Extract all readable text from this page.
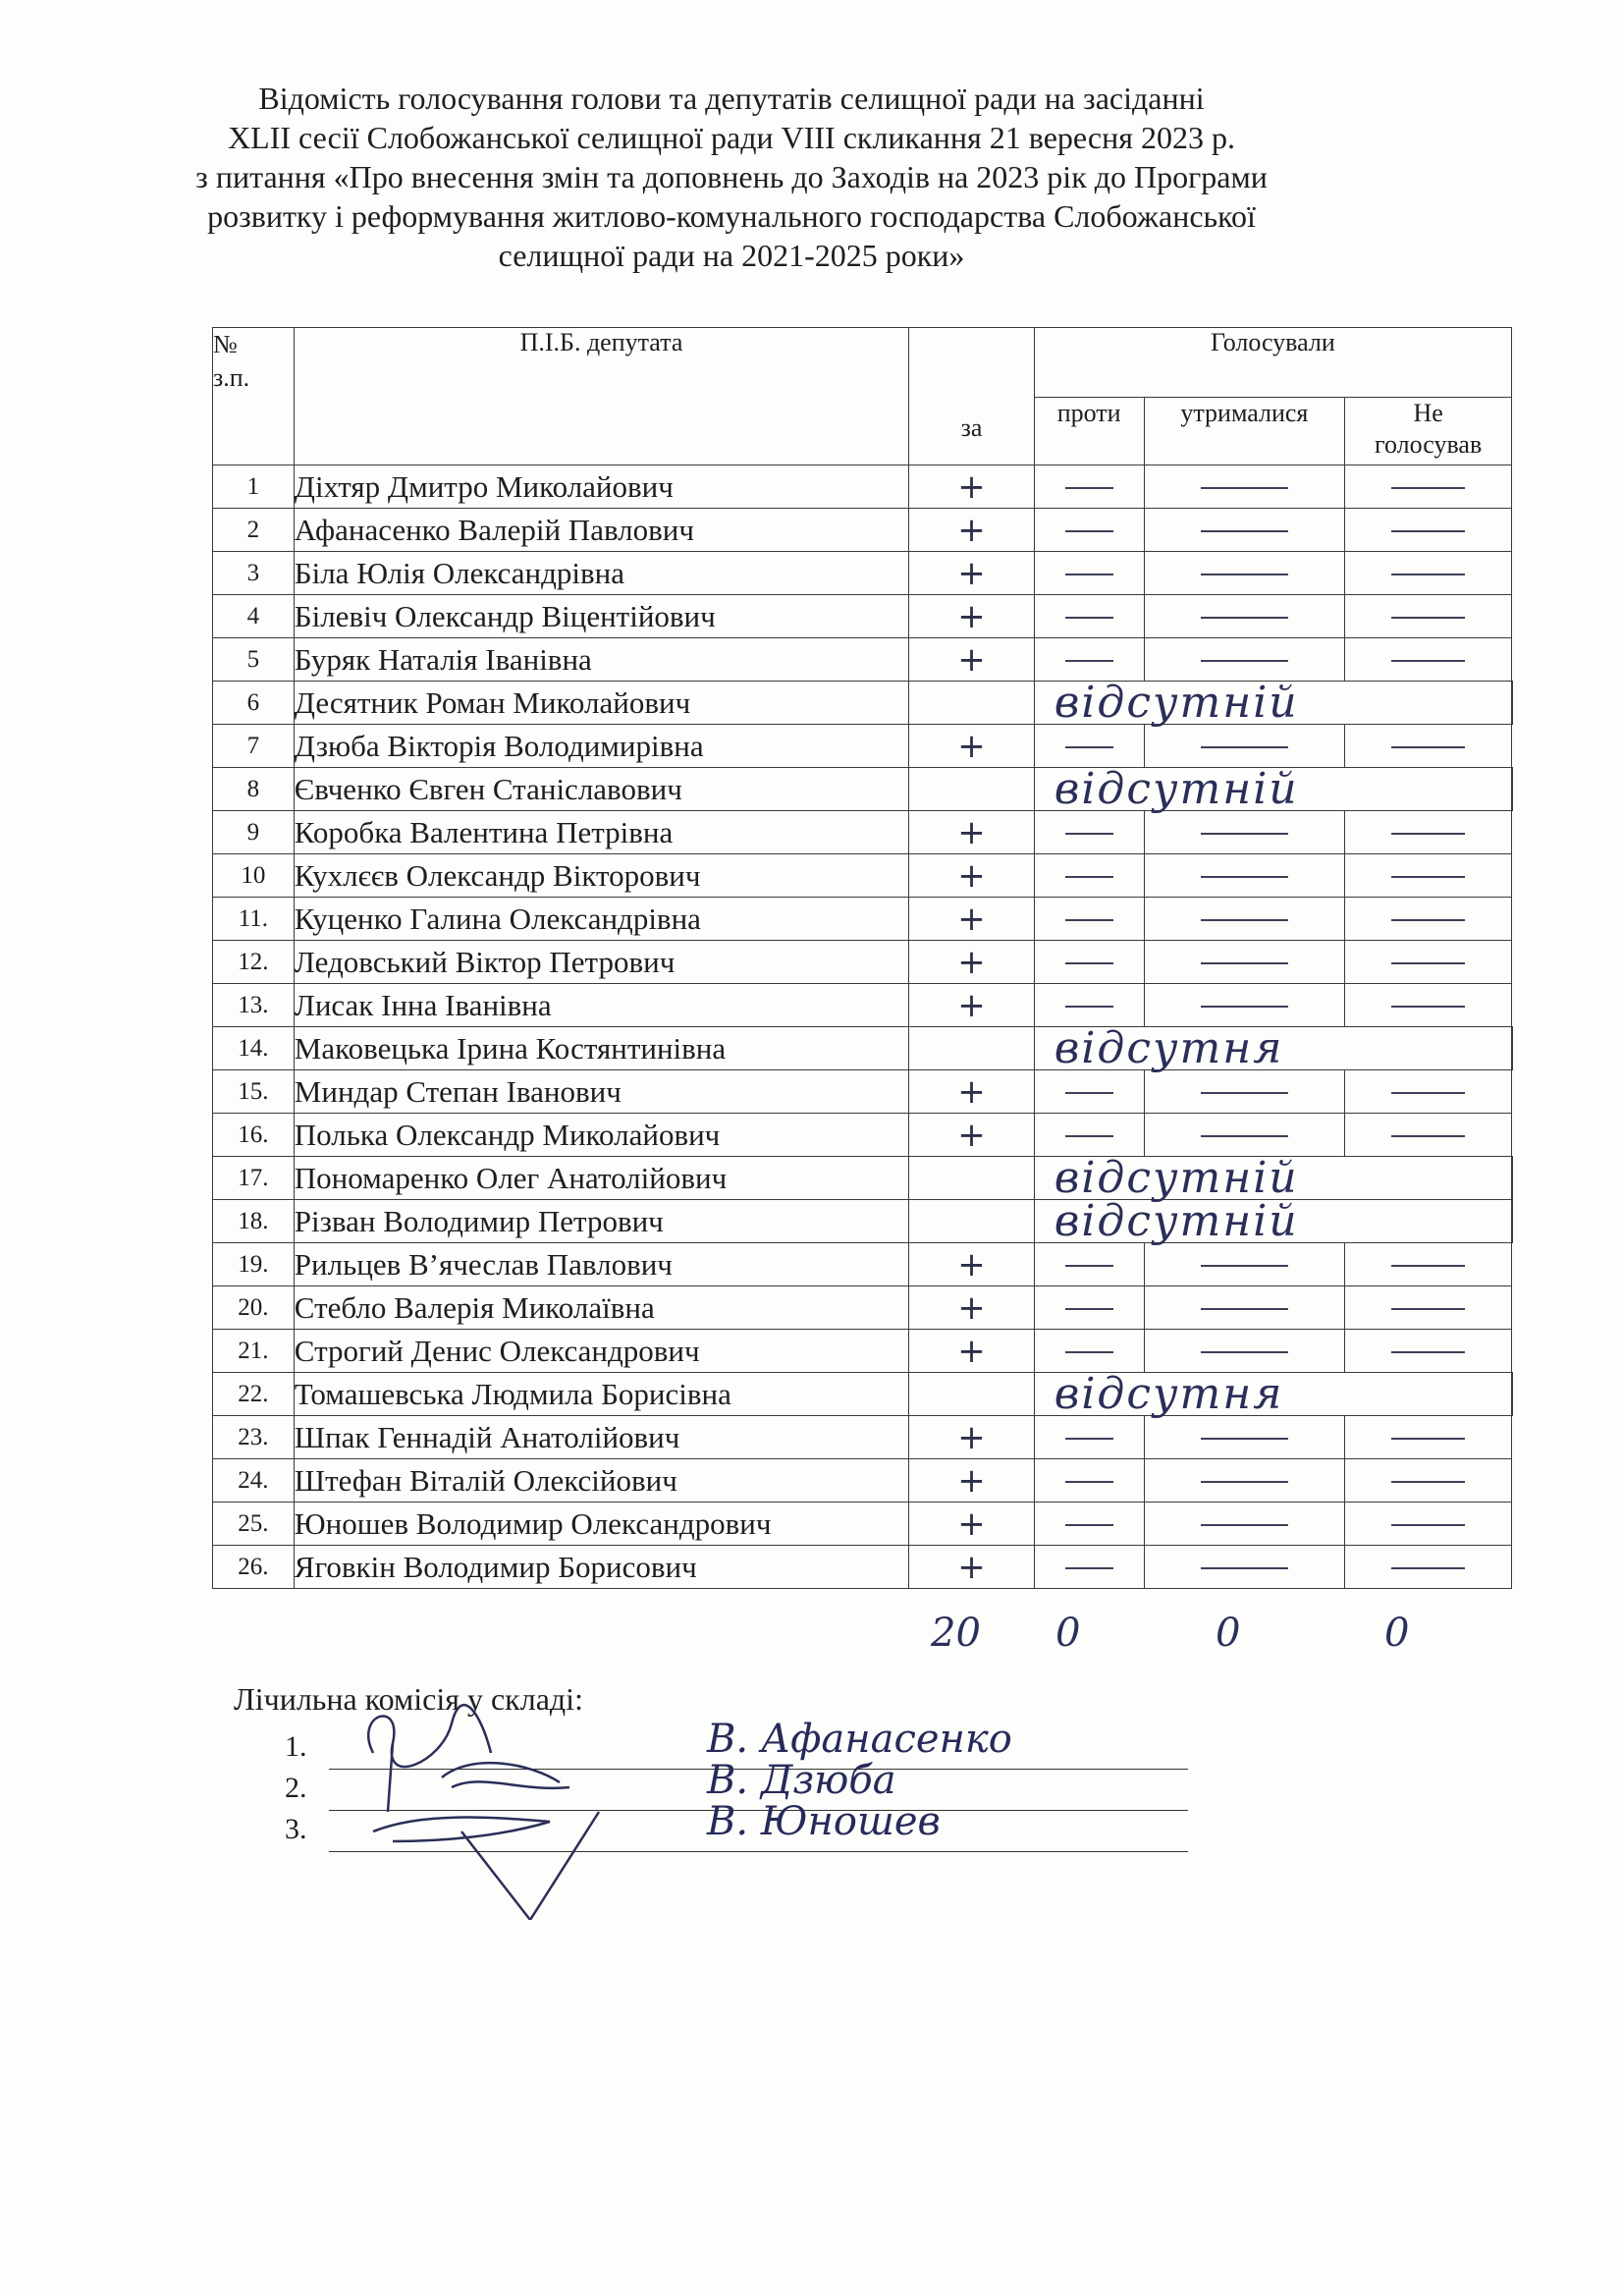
Відомість голосування голови та депутатів селищної ради на засіданні
XLII сесії Слобожанської селищної ради VIII скликання 21 вересня 2023 р.
з питання «Про внесення змін та доповнень до Заходів на 2023 рік до Програми
розвитку і реформування житлово-комунального господарства Слобожанської
селищної ради на 2021-2025 роки»
№
з.п.	П.І.Б. депутата	за	Голосували			
			проти	утрималися	Не
голосував	

1	Діхтяр Дмитро Миколайович	+				
2	Афанасенко Валерій Павлович	+				
3	Біла Юлія Олександрівна	+				
4	Білевіч Олександр Віцентійович	+				
5	Буряк Наталія Іванівна	+				
6	Десятник Роман Миколайович		відсутній			

7	Дзюба Вікторія Володимирівна	+				
8	Євченко Євген Станіславович		відсутній			

9	Коробка Валентина Петрівна	+				
10	Кухлєєв Олександр Вікторович	+				
11.	Куценко Галина Олександрівна	+				
12.	Ледовський Віктор Петрович	+				
13.	Лисак Інна Іванівна	+				
14.	Маковецька Ірина Костянтинівна		відсутня			

15.	Миндар Степан Іванович	+				
16.	Полька Олександр Миколайович	+				
17.	Пономаренко Олег Анатолійович		відсутній			

18.	Різван Володимир Петрович		відсутній			

19.	Рильцев В’ячеслав Павлович	+				
20.	Стебло Валерія Миколаївна	+				
21.	Строгий Денис Олександрович	+				
22.	Томашевська Людмила Борисівна		відсутня			

23.	Шпак Геннадій Анатолійович	+				
24.	Штефан Віталій Олексійович	+				
25.	Юношев Володимир Олександрович	+				
26.	Яговкін Володимир Борисович	+				
20 0	0	0
Лічильна комісія у складі:
1.	В. Афанасенко
2.	В. Дзюба
3.	В. Юношев
